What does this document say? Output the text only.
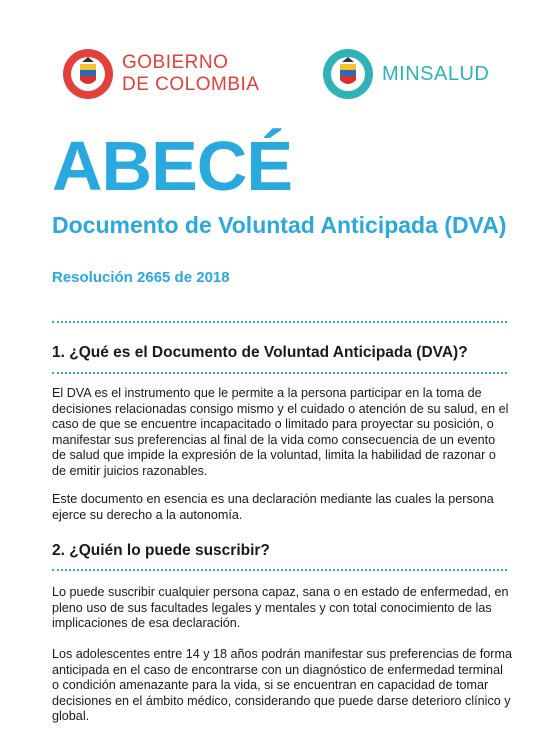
GOBIERNO
DE COLOMBIA	MINSALUD
ABECÉ
Documento de Voluntad Anticipada (DVA)
Resolución 2665 de 2018
1. ¿Qué es el Documento de Voluntad Anticipada (DVA)?

El DVA es el instrumento que le permite a la persona participar en la toma de decisiones relacionadas consigo mismo y el cuidado o atención de su salud, en el caso de que se encuentre incapacitado o limitado para proyectar su posición, o manifestar sus preferencias al final de la vida como consecuencia de un evento de salud que impide la expresión de la voluntad, limita la habilidad de razonar o de emitir juicios razonables.

Este documento en esencia es una declaración mediante las cuales la persona ejerce su derecho a la autonomía.

2. ¿Quién lo puede suscribir?

Lo puede suscribir cualquier persona capaz, sana o en estado de enfermedad, en pleno uso de sus facultades legales y mentales y con total conocimiento de las implicaciones de esa declaración.

Los adolescentes entre 14 y 18 años podrán manifestar sus preferencias de forma anticipada en el caso de encontrarse con un diagnóstico de enfermedad terminal o condición amenazante para la vida, si se encuentran en capacidad de tomar decisiones en el ámbito médico, considerando que puede darse deterioro clínico y global.
